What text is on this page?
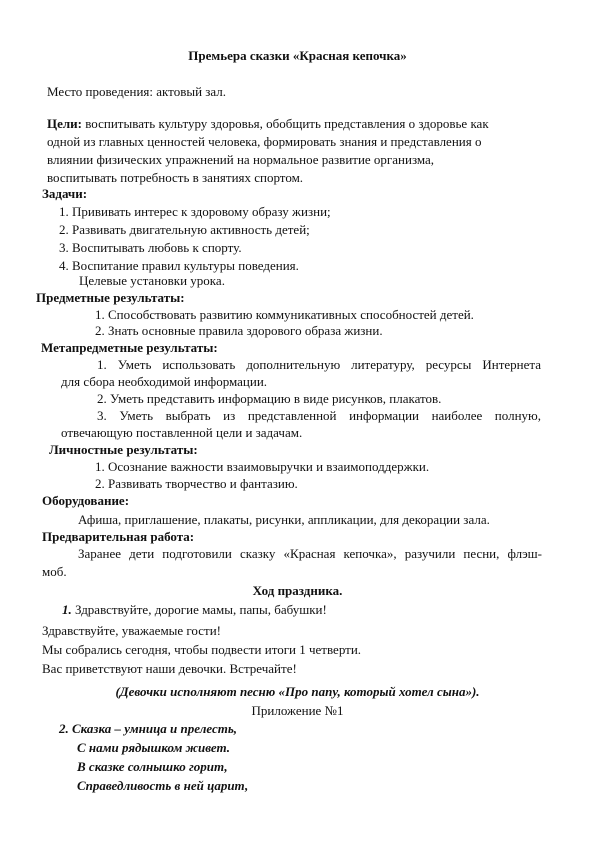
Премьера сказки «Красная кепочка»
Место проведения: актовый зал.
Цели: воспитывать культуру здоровья, обобщить представления о здоровье как
одной из главных ценностей человека, формировать знания и представления о
влиянии физических упражнений на нормальное развитие организма,
воспитывать потребность в занятиях спортом.
Задачи:
1. Прививать интерес к здоровому образу жизни;
2. Развивать двигательную активность детей;
3. Воспитывать любовь к спорту.
4. Воспитание правил культуры поведения.
Целевые установки урока.
Предметные результаты:
1. Способствовать развитию коммуникативных способностей детей.
2. Знать основные правила здорового образа жизни.
Метапредметные результаты:
1. Уметь использовать дополнительную литературу, ресурсы Интернета
для сбора необходимой информации.
2. Уметь представить информацию в виде рисунков, плакатов.
3. Уметь выбрать из представленной информации наиболее полную,
отвечающую поставленной цели и задачам.
Личностные результаты:
1. Осознание важности взаимовыручки и взаимоподдержки.
2. Развивать творчество и фантазию.
Оборудование:
Афиша, приглашение, плакаты, рисунки, аппликации, для декорации зала.
Предварительная работа:
Заранее дети подготовили сказку «Красная кепочка», разучили песни, флэш-
моб.
Ход праздника.
1. Здравствуйте, дорогие мамы, папы, бабушки!
Здравствуйте, уважаемые гости!
Мы собрались сегодня, чтобы подвести итоги 1 четверти.
Вас приветствуют наши девочки. Встречайте!
(Девочки исполняют песню «Про папу, который хотел сына»).
Приложение №1
2. Сказка – умница и прелесть,
С нами рядышком живет.
В сказке солнышко горит,
Справедливость в ней царит,
